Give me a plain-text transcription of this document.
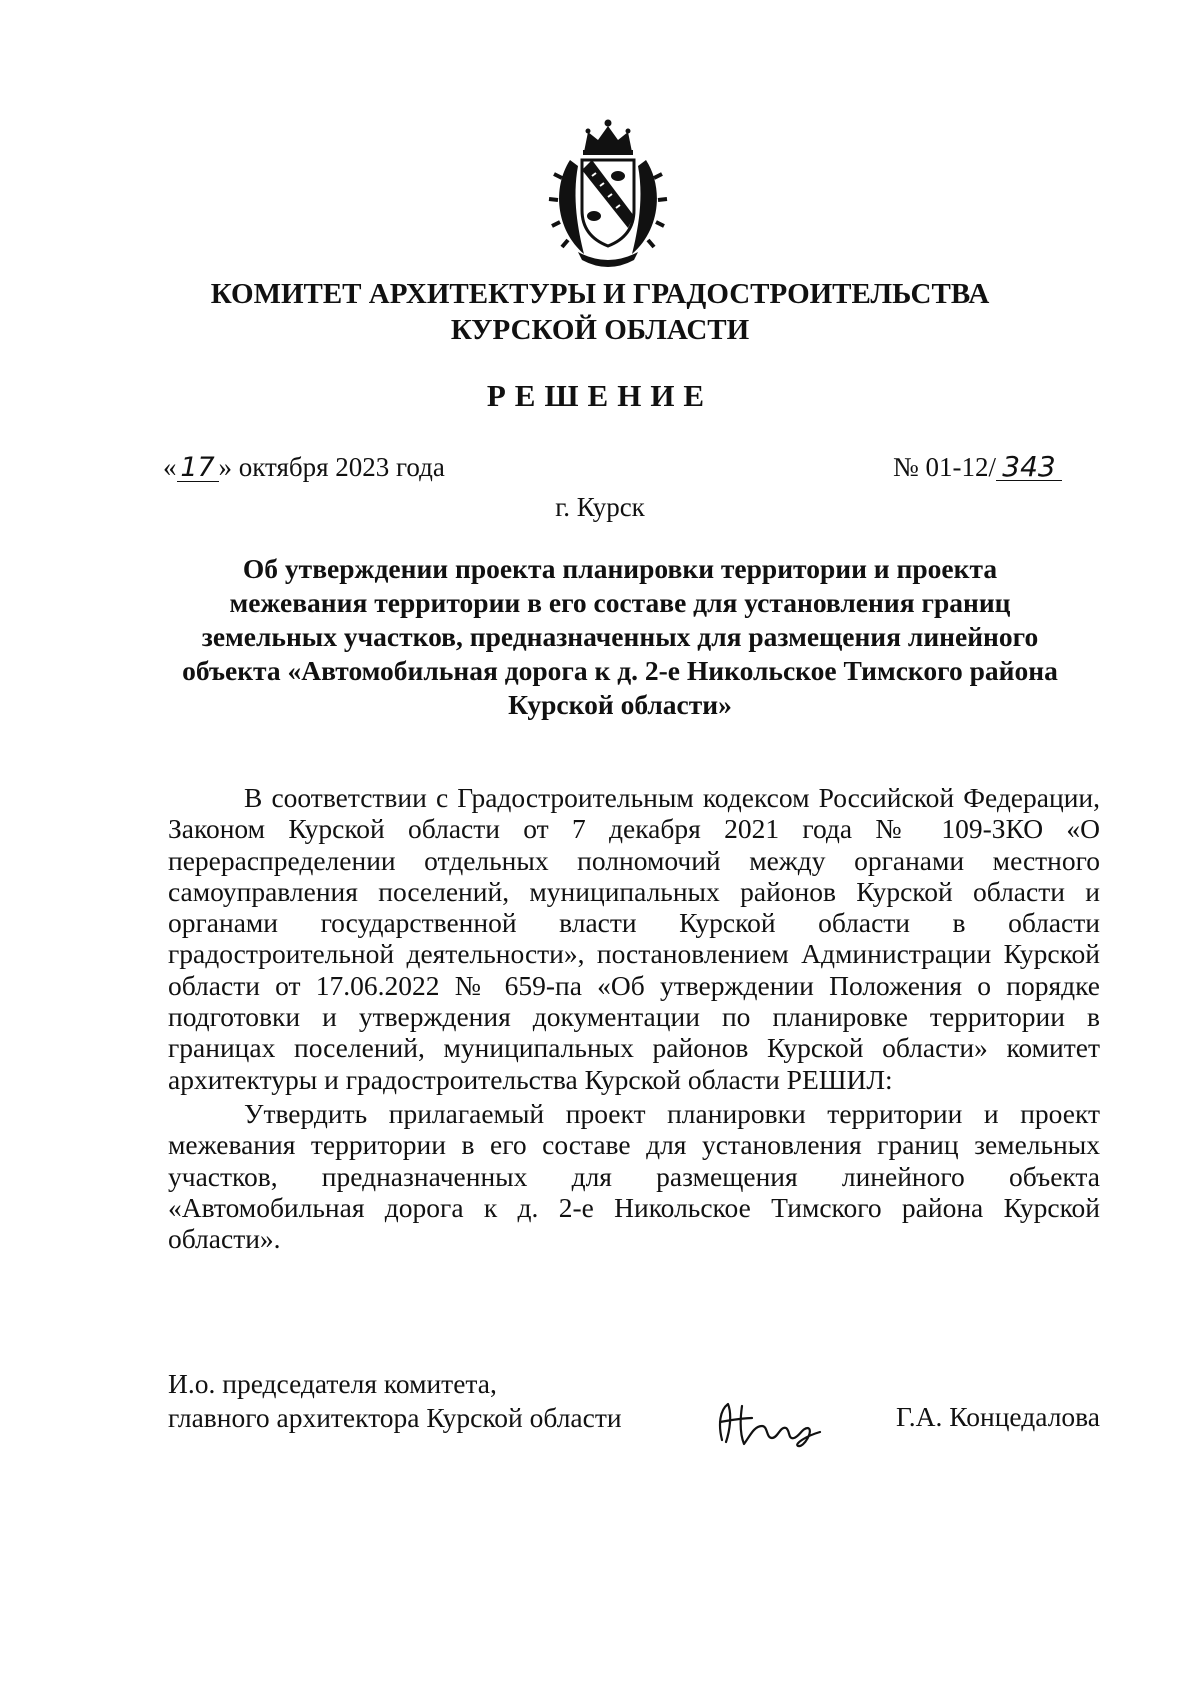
КОМИТЕТ АРХИТЕКТУРЫ И ГРАДОСТРОИТЕЛЬСТВА
КУРСКОЙ ОБЛАСТИ
РЕШЕНИЕ
« 17 » октября 2023 года	№ 01-12/ 343
г. Курск
Об утверждении проекта планировки территории и проекта
межевания территории в его составе для установления границ
земельных участков, предназначенных для размещения линейного
объекта «Автомобильная дорога к д. 2-е Никольское Тимского района
Курской области»

В соответствии с Градостроительным кодексом Российской Федерации, Законом Курской области от 7 декабря 2021 года № 109-ЗКО «О перераспределении отдельных полномочий между органами местного самоуправления поселений, муниципальных районов Курской области и органами государственной власти Курской области в области градостроительной деятельности», постановлением Администрации Курской области от 17.06.2022 № 659-па «Об утверждении Положения о порядке подготовки и утверждения документации по планировке территории в границах поселений, муниципальных районов Курской области» комитет архитектуры и градостроительства Курской области РЕШИЛ:

Утвердить прилагаемый проект планировки территории и проект межевания территории в его составе для установления границ земельных участков, предназначенных для размещения линейного объекта «Автомобильная дорога к д. 2-е Никольское Тимского района Курской области».

И.о. председателя комитета,
главного архитектора Курской области	Г.А. Концедалова
